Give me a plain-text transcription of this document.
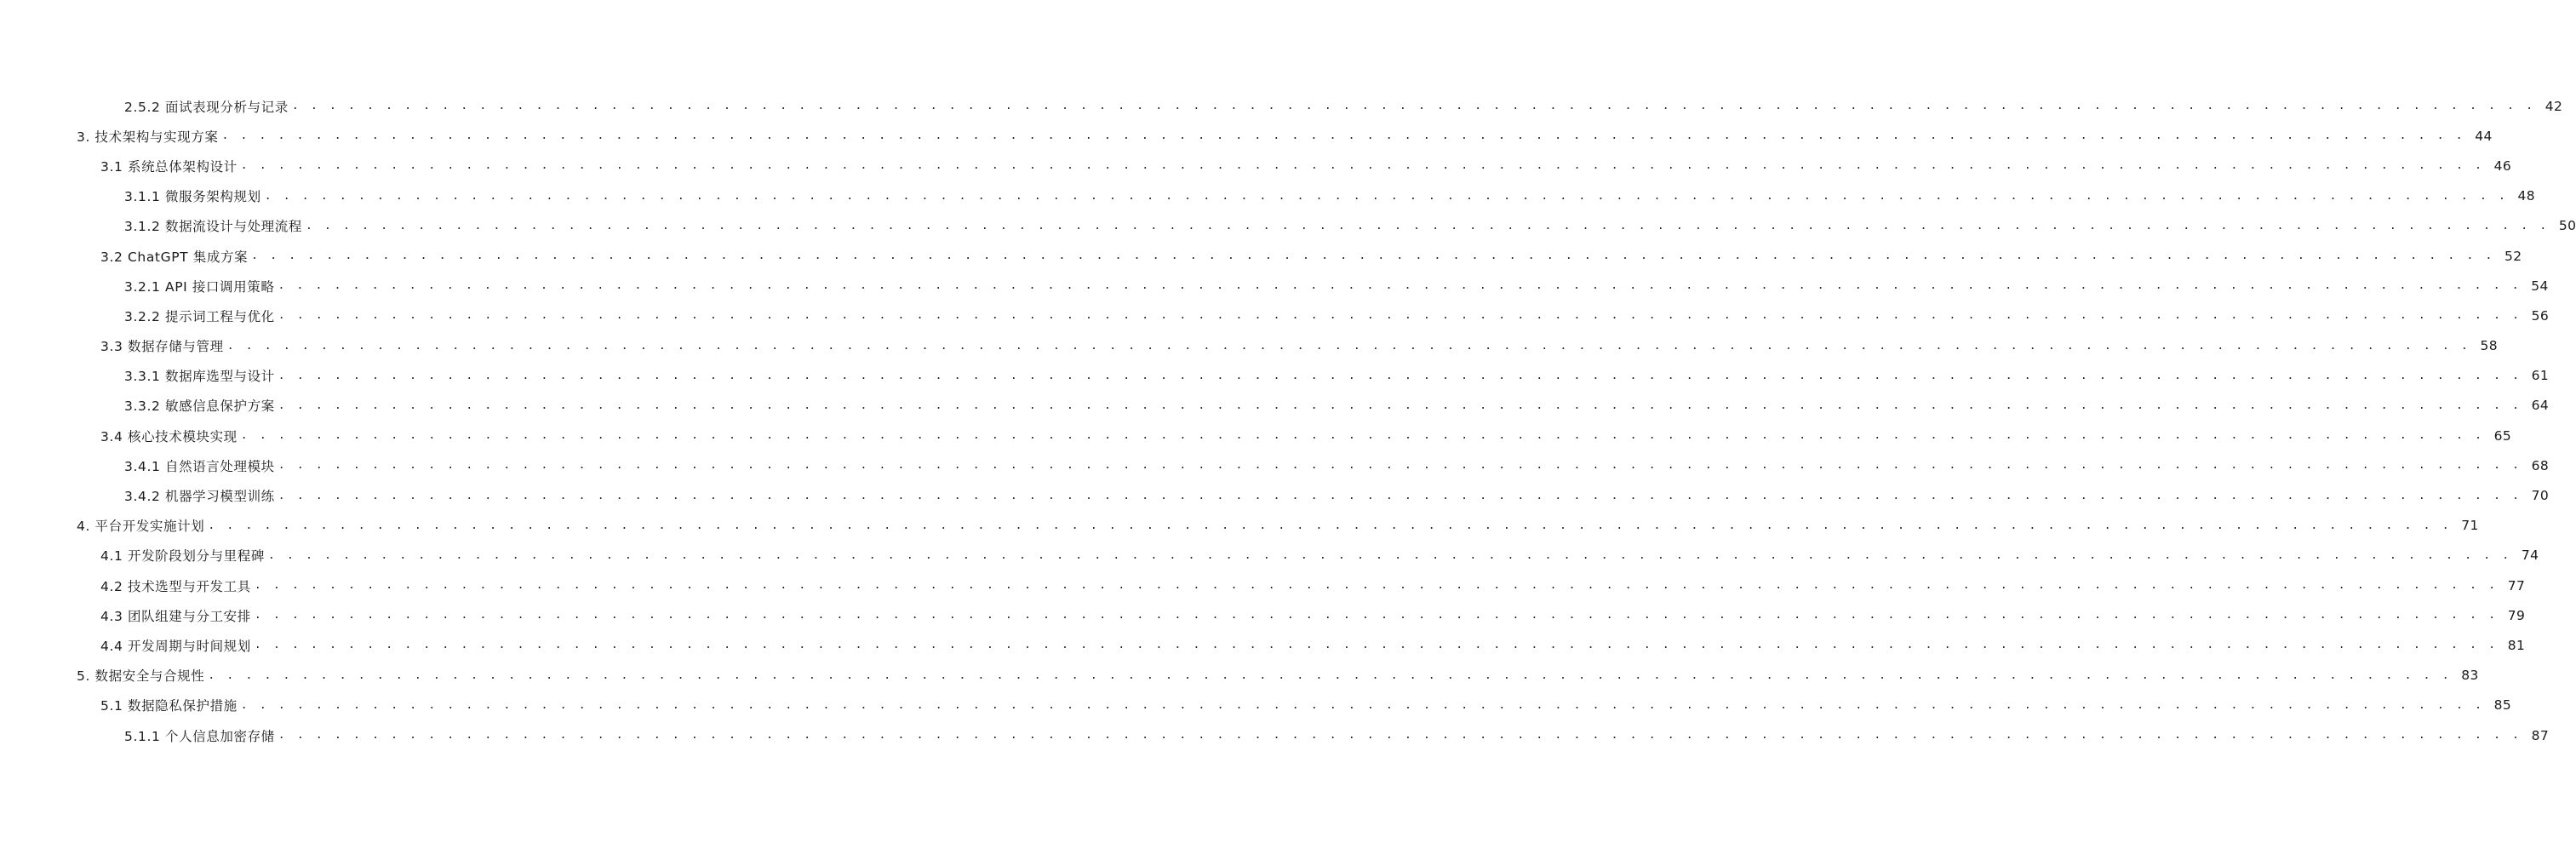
2.5.2 面试表现分析与记录 . . . . . . . . . . . . . . . . . . . . . . . . . . . . . . . . . . . . . . . . . . . . . . . . . . . . . . . . . . . . . . . . . . . . . . . . . . . . . . . . . . . . . . . . . . . . . . . . . . . . . . . . . . . . . . . . . . . . . . . . 42
3. 技术架构与实现方案 . . . . . . . . . . . . . . . . . . . . . . . . . . . . . . . . . . . . . . . . . . . . . . . . . . . . . . . . . . . . . . . . . . . . . . . . . . . . . . . . . . . . . . . . . . . . . . . . . . . . . . . . . . . . . . . . . . . . . . . . 44
3.1 系统总体架构设计 . . . . . . . . . . . . . . . . . . . . . . . . . . . . . . . . . . . . . . . . . . . . . . . . . . . . . . . . . . . . . . . . . . . . . . . . . . . . . . . . . . . . . . . . . . . . . . . . . . . . . . . . . . . . . . . . . . . . . . . . 46
3.1.1 微服务架构规划 . . . . . . . . . . . . . . . . . . . . . . . . . . . . . . . . . . . . . . . . . . . . . . . . . . . . . . . . . . . . . . . . . . . . . . . . . . . . . . . . . . . . . . . . . . . . . . . . . . . . . . . . . . . . . . . . . . . . . . . . 48
3.1.2 数据流设计与处理流程 . . . . . . . . . . . . . . . . . . . . . . . . . . . . . . . . . . . . . . . . . . . . . . . . . . . . . . . . . . . . . . . . . . . . . . . . . . . . . . . . . . . . . . . . . . . . . . . . . . . . . . . . . . . . . . . . . . . . . . . . 50
3.2 ChatGPT 集成方案 . . . . . . . . . . . . . . . . . . . . . . . . . . . . . . . . . . . . . . . . . . . . . . . . . . . . . . . . . . . . . . . . . . . . . . . . . . . . . . . . . . . . . . . . . . . . . . . . . . . . . . . . . . . . . . . . . . . . . . . . 52
3.2.1 API 接口调用策略 . . . . . . . . . . . . . . . . . . . . . . . . . . . . . . . . . . . . . . . . . . . . . . . . . . . . . . . . . . . . . . . . . . . . . . . . . . . . . . . . . . . . . . . . . . . . . . . . . . . . . . . . . . . . . . . . . . . . . . . . 54
3.2.2 提示词工程与优化 . . . . . . . . . . . . . . . . . . . . . . . . . . . . . . . . . . . . . . . . . . . . . . . . . . . . . . . . . . . . . . . . . . . . . . . . . . . . . . . . . . . . . . . . . . . . . . . . . . . . . . . . . . . . . . . . . . . . . . . . 56
3.3 数据存储与管理 . . . . . . . . . . . . . . . . . . . . . . . . . . . . . . . . . . . . . . . . . . . . . . . . . . . . . . . . . . . . . . . . . . . . . . . . . . . . . . . . . . . . . . . . . . . . . . . . . . . . . . . . . . . . . . . . . . . . . . . . 58
3.3.1 数据库选型与设计 . . . . . . . . . . . . . . . . . . . . . . . . . . . . . . . . . . . . . . . . . . . . . . . . . . . . . . . . . . . . . . . . . . . . . . . . . . . . . . . . . . . . . . . . . . . . . . . . . . . . . . . . . . . . . . . . . . . . . . . . 61
3.3.2 敏感信息保护方案 . . . . . . . . . . . . . . . . . . . . . . . . . . . . . . . . . . . . . . . . . . . . . . . . . . . . . . . . . . . . . . . . . . . . . . . . . . . . . . . . . . . . . . . . . . . . . . . . . . . . . . . . . . . . . . . . . . . . . . . . 64
3.4 核心技术模块实现 . . . . . . . . . . . . . . . . . . . . . . . . . . . . . . . . . . . . . . . . . . . . . . . . . . . . . . . . . . . . . . . . . . . . . . . . . . . . . . . . . . . . . . . . . . . . . . . . . . . . . . . . . . . . . . . . . . . . . . . . 65
3.4.1 自然语言处理模块 . . . . . . . . . . . . . . . . . . . . . . . . . . . . . . . . . . . . . . . . . . . . . . . . . . . . . . . . . . . . . . . . . . . . . . . . . . . . . . . . . . . . . . . . . . . . . . . . . . . . . . . . . . . . . . . . . . . . . . . . 68
3.4.2 机器学习模型训练 . . . . . . . . . . . . . . . . . . . . . . . . . . . . . . . . . . . . . . . . . . . . . . . . . . . . . . . . . . . . . . . . . . . . . . . . . . . . . . . . . . . . . . . . . . . . . . . . . . . . . . . . . . . . . . . . . . . . . . . . 70
4. 平台开发实施计划 . . . . . . . . . . . . . . . . . . . . . . . . . . . . . . . . . . . . . . . . . . . . . . . . . . . . . . . . . . . . . . . . . . . . . . . . . . . . . . . . . . . . . . . . . . . . . . . . . . . . . . . . . . . . . . . . . . . . . . . . 71
4.1 开发阶段划分与里程碑 . . . . . . . . . . . . . . . . . . . . . . . . . . . . . . . . . . . . . . . . . . . . . . . . . . . . . . . . . . . . . . . . . . . . . . . . . . . . . . . . . . . . . . . . . . . . . . . . . . . . . . . . . . . . . . . . . . . . . . . . 74
4.2 技术选型与开发工具 . . . . . . . . . . . . . . . . . . . . . . . . . . . . . . . . . . . . . . . . . . . . . . . . . . . . . . . . . . . . . . . . . . . . . . . . . . . . . . . . . . . . . . . . . . . . . . . . . . . . . . . . . . . . . . . . . . . . . . . . 77
4.3 团队组建与分工安排 . . . . . . . . . . . . . . . . . . . . . . . . . . . . . . . . . . . . . . . . . . . . . . . . . . . . . . . . . . . . . . . . . . . . . . . . . . . . . . . . . . . . . . . . . . . . . . . . . . . . . . . . . . . . . . . . . . . . . . . . 79
4.4 开发周期与时间规划 . . . . . . . . . . . . . . . . . . . . . . . . . . . . . . . . . . . . . . . . . . . . . . . . . . . . . . . . . . . . . . . . . . . . . . . . . . . . . . . . . . . . . . . . . . . . . . . . . . . . . . . . . . . . . . . . . . . . . . . . 81
5. 数据安全与合规性 . . . . . . . . . . . . . . . . . . . . . . . . . . . . . . . . . . . . . . . . . . . . . . . . . . . . . . . . . . . . . . . . . . . . . . . . . . . . . . . . . . . . . . . . . . . . . . . . . . . . . . . . . . . . . . . . . . . . . . . . 83
5.1 数据隐私保护措施 . . . . . . . . . . . . . . . . . . . . . . . . . . . . . . . . . . . . . . . . . . . . . . . . . . . . . . . . . . . . . . . . . . . . . . . . . . . . . . . . . . . . . . . . . . . . . . . . . . . . . . . . . . . . . . . . . . . . . . . . 85
5.1.1 个人信息加密存储 . . . . . . . . . . . . . . . . . . . . . . . . . . . . . . . . . . . . . . . . . . . . . . . . . . . . . . . . . . . . . . . . . . . . . . . . . . . . . . . . . . . . . . . . . . . . . . . . . . . . . . . . . . . . . . . . . . . . . . . . 87
